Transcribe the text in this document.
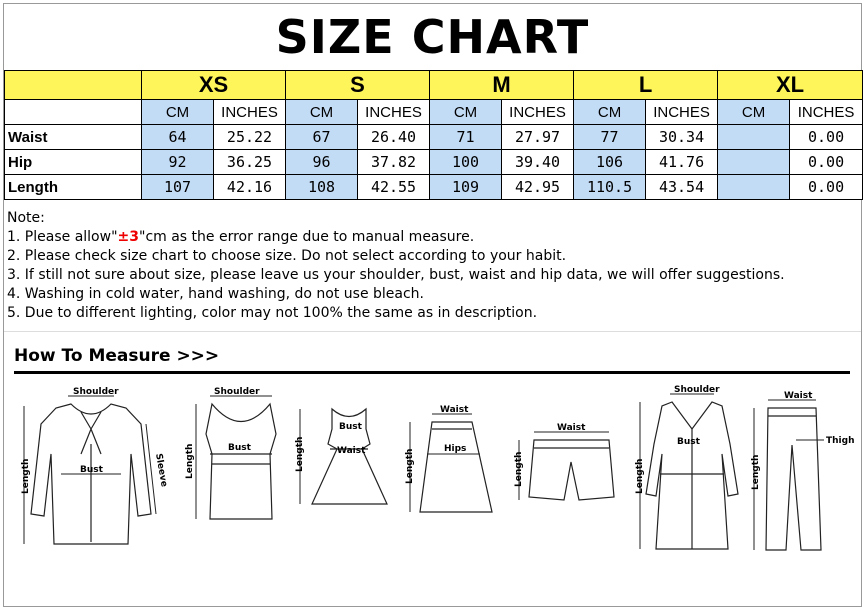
SIZE CHART
	XS		S		M		L		XL	
	CM	INCHES	CM	INCHES	CM	INCHES	CM	INCHES	CM	INCHES
Waist	64	25.22	67	26.40	71	27.97	77	30.34		0.00
Hip	92	36.25	96	37.82	100	39.40	106	41.76		0.00
Length	107	42.16	108	42.55	109	42.95	110.5	43.54		0.00
Note:
1. Please allow"±3"cm as the error range due to manual measure.
2. Please check size chart to choose size. Do not select according to your habit.
3. If still not sure about size, please leave us your shoulder, bust, waist and hip data, we will offer suggestions.
4. Washing in cold water, hand washing, do not use bleach.
5. Due to different lighting, color may not 100% the same as in description.
How To Measure >>>
Shoulder
Bust
Length	Sleeve
Shoulder
Bust
Length
Bust
Waist
Length
Waist
Hips
Length
Waist
Length
Shoulder
Bust
Length
Waist
Thigh
Length
